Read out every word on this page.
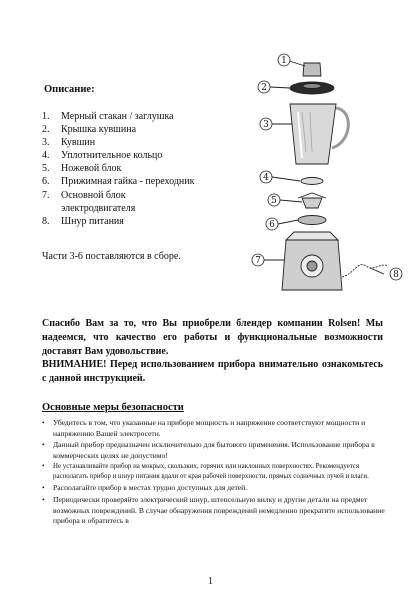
Описание:
1.	Мерный стакан / заглушка
2.	Крышка кувшина
3.	Кувшин
4.	Уплотнительное кольцо
5.	Ножевой блок
6.	Прижимная гайка - переходник
7.	Основной блок
электродвигателя
8.	Шнур питания
Части 3-6 поставляются в сборе.
1
2
3
4
5
6
7
8

Спасибо Вам за то, что Вы приобрели блендер компании Rolsen! Мы надеемся, что качество его работы и функциональные возможности доставят Вам удовольствие.

ВНИМАНИЕ! Перед использованием прибора внимательно ознакомьтесь с данной инструкцией.

Основные меры безопасности
• Убедитесь в том, что указанные на приборе мощность и напряжение соответствуют мощности и напряжению Вашей электросети.
• Данный прибор предназначен исключительно для бытового применения. Использование прибора в коммерческих целях не допустимо!
• Не устанавливайте прибор на мокрых, скользких, горячих или наклонных поверхностях. Рекомендуется располагать прибор и шнур питания вдали от края рабочей поверхности, прямых солнечных лучей и влаги.
• Располагайте прибор в местах трудно доступных для детей.
• Периодически проверяйте электрический шнур, штепсельную вилку и другие детали на предмет возможных повреждений. В случае обнаружения повреждений немедленно прекратите использование прибора и обратитесь в
1
